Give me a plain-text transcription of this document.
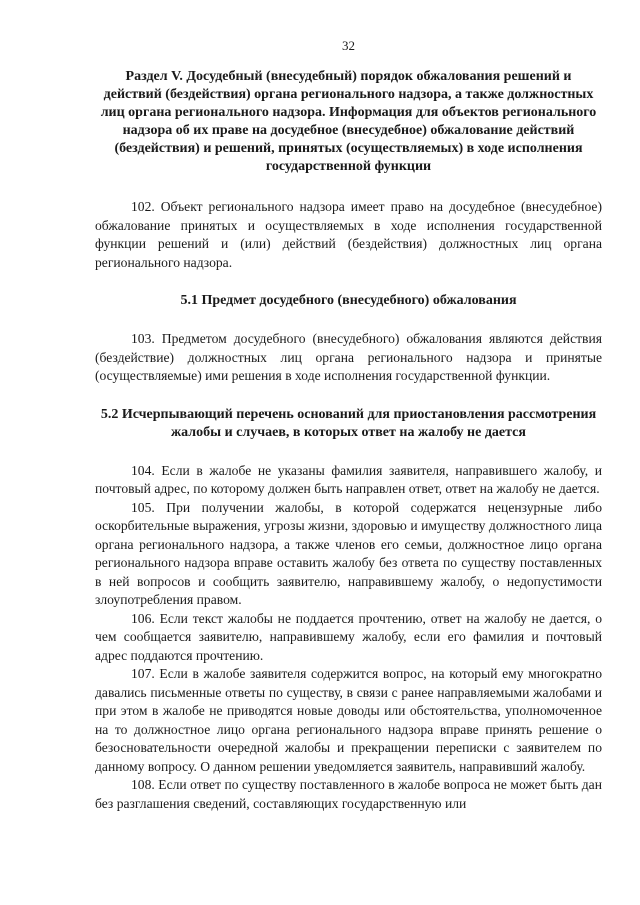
32
Раздел V. Досудебный (внесудебный) порядок обжалования решений и действий (бездействия) органа регионального надзора, а также должностных лиц органа регионального надзора. Информация для объектов регионального надзора об их праве на досудебное (внесудебное) обжалование действий (бездействия) и решений, принятых (осуществляемых) в ходе исполнения государственной функции

102. Объект регионального надзора имеет право на досудебное (внесудебное) обжалование принятых и осуществляемых в ходе исполнения государственной функции решений и (или) действий (бездействия) должностных лиц органа регионального надзора.

5.1 Предмет досудебного (внесудебного) обжалования

103. Предметом досудебного (внесудебного) обжалования являются действия (бездействие) должностных лиц органа регионального надзора и принятые (осуществляемые) ими решения в ходе исполнения государственной функции.

5.2 Исчерпывающий перечень оснований для приостановления рассмотрения жалобы и случаев, в которых ответ на жалобу не дается

104. Если в жалобе не указаны фамилия заявителя, направившего жалобу, и почтовый адрес, по которому должен быть направлен ответ, ответ на жалобу не дается.

105. При получении жалобы, в которой содержатся нецензурные либо оскорбительные выражения, угрозы жизни, здоровью и имуществу должностного лица органа регионального надзора, а также членов его семьи, должностное лицо органа регионального надзора вправе оставить жалобу без ответа по существу поставленных в ней вопросов и сообщить заявителю, направившему жалобу, о недопустимости злоупотребления правом.

106. Если текст жалобы не поддается прочтению, ответ на жалобу не дается, о чем сообщается заявителю, направившему жалобу, если его фамилия и почтовый адрес поддаются прочтению.

107. Если в жалобе заявителя содержится вопрос, на который ему многократно давались письменные ответы по существу, в связи с ранее направляемыми жалобами и при этом в жалобе не приводятся новые доводы или обстоятельства, уполномоченное на то должностное лицо органа регионального надзора вправе принять решение о безосновательности очередной жалобы и прекращении переписки с заявителем по данному вопросу. О данном решении уведомляется заявитель, направивший жалобу.

108. Если ответ по существу поставленного в жалобе вопроса не может быть дан без разглашения сведений, составляющих государственную или
